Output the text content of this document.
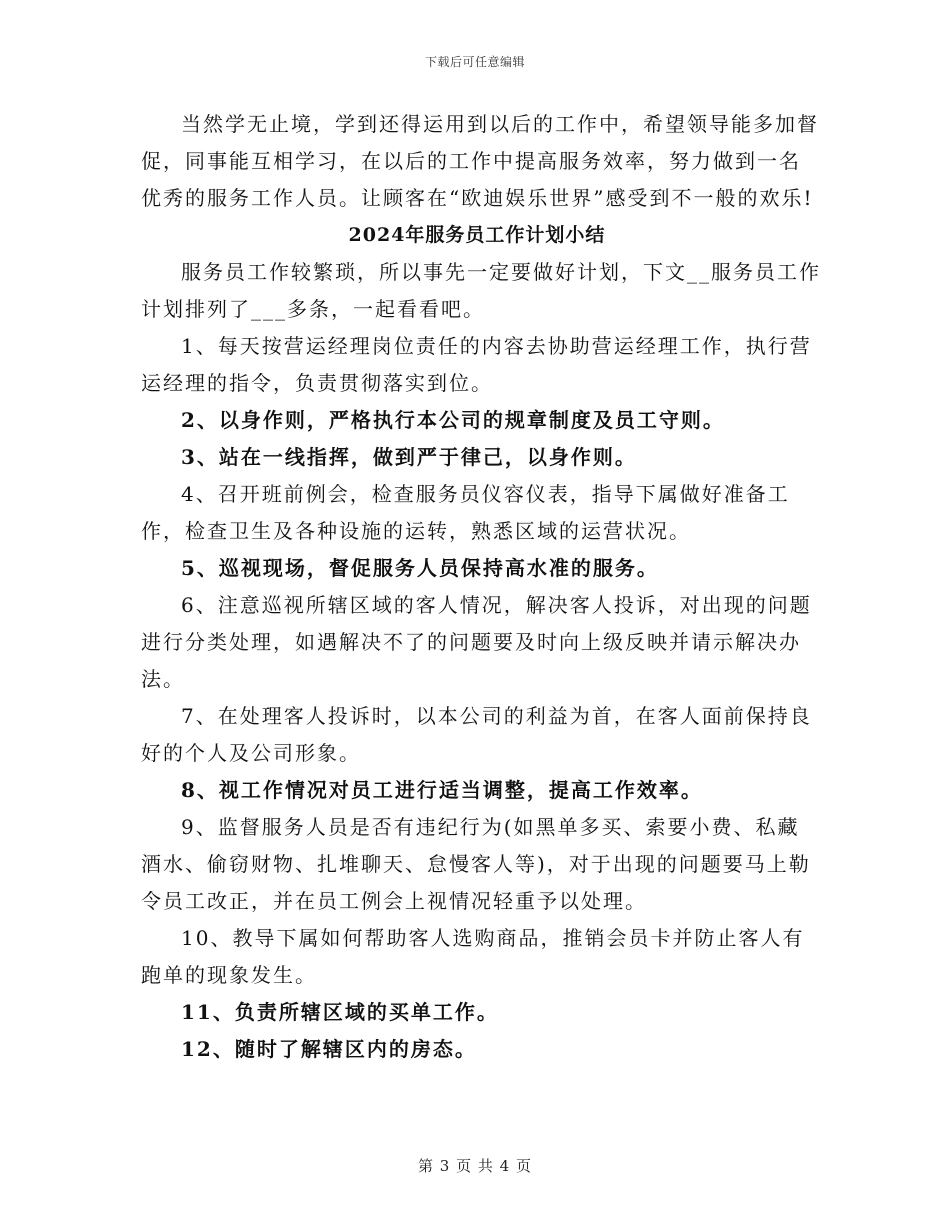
下载后可任意编辑

当然学无止境，学到还得运用到以后的工作中，希望领导能多加督促，同事能互相学习，在以后的工作中提高服务效率，努力做到一名优秀的服务工作人员。让顾客在“欧迪娱乐世界”感受到不一般的欢乐!

2024年服务员工作计划小结

服务员工作较繁琐，所以事先一定要做好计划，下文__服务员工作计划排列了___多条，一起看看吧。

1、每天按营运经理岗位责任的内容去协助营运经理工作，执行营运经理的指令，负责贯彻落实到位。

2、以身作则，严格执行本公司的规章制度及员工守则。

3、站在一线指挥，做到严于律己，以身作则。

4、召开班前例会，检查服务员仪容仪表，指导下属做好准备工作，检查卫生及各种设施的运转，熟悉区域的运营状况。

5、巡视现场，督促服务人员保持高水准的服务。

6、注意巡视所辖区域的客人情况，解决客人投诉，对出现的问题进行分类处理，如遇解决不了的问题要及时向上级反映并请示解决办法。

7、在处理客人投诉时，以本公司的利益为首，在客人面前保持良好的个人及公司形象。

8、视工作情况对员工进行适当调整，提高工作效率。

9、监督服务人员是否有违纪行为(如黑单多买、索要小费、私藏酒水、偷窃财物、扎堆聊天、怠慢客人等)，对于出现的问题要马上勒令员工改正，并在员工例会上视情况轻重予以处理。

10、教导下属如何帮助客人选购商品，推销会员卡并防止客人有跑单的现象发生。

11、负责所辖区域的买单工作。

12、随时了解辖区内的房态。

第 3 页 共 4 页
